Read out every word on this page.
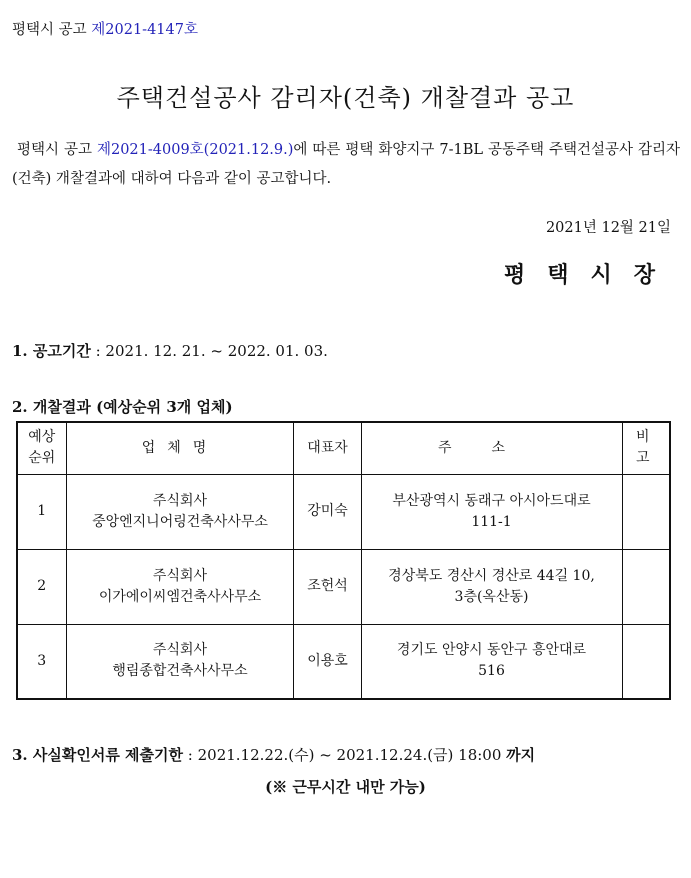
평택시 공고 제2021-4147호
주택건설공사 감리자(건축) 개찰결과 공고
평택시 공고 제2021-4009호(2021.12.9.)에 따른 평택 화양지구 7-1BL 공동주택 주택건설공사 감리자(건축) 개찰결과에 대하여 다음과 같이 공고합니다.
2021년 12월 21일
평택시장
1. 공고기간 : 2021. 12. 21. ~ 2022. 01. 03.
2. 개찰결과 (예상순위 3개 업체)
예상
순위	업체명	대표자	주소	비고
1	주식회사
중앙엔지니어링건축사사무소	강미숙	부산광역시 동래구 아시아드대로
111-1	
2	주식회사
이가에이씨엠건축사사무소	조헌석	경상북도 경산시 경산로 44길 10,
3층(옥산동)	
3	주식회사
행림종합건축사사무소	이용호	경기도 안양시 동안구 흥안대로
516	
3. 사실확인서류 제출기한 : 2021.12.22.(수) ~ 2021.12.24.(금) 18:00 까지
(※ 근무시간 내만 가능)
